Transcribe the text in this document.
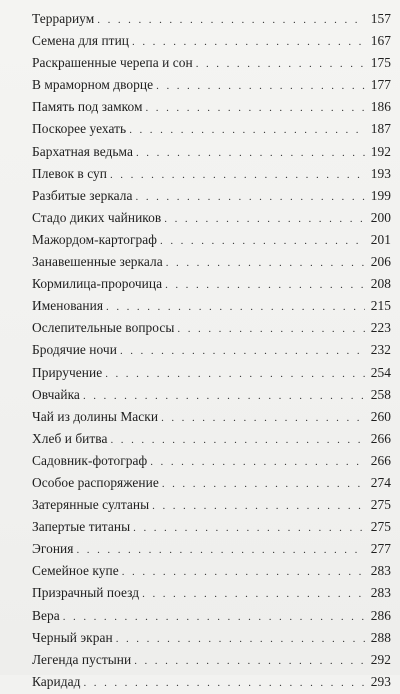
Террариум . . .	157
Семена для птиц . . .	167
Раскрашенные черепа и сон . . .	175
В мраморном дворце . . .	177
Память под замком . . .	186
Поскорее уехать . . .	187
Бархатная ведьма . . .	192
Плевок в суп . . .	193
Разбитые зеркала . . .	199
Стадо диких чайников . . .	200
Мажордом-картограф . . .	201
Занавешенные зеркала . . .	206
Кормилица-пророчица . . .	208
Именования . . .	215
Ослепительные вопросы . . .	223
Бродячие ночи . . .	232
Приручение . . .	254
Овчайка . . .	258
Чай из долины Маски . . .	260
Хлеб и битва . . .	266
Садовник-фотограф . . .	266
Особое распоряжение . . .	274
Затерянные султаны . . .	275
Запертые титаны . . .	275
Эгония . . .	277
Семейное купе . . .	283
Призрачный поезд . . .	283
Вера . . .	286
Черный экран . . .	288
Легенда пустыни . . .	292
Каридад . . .	293
